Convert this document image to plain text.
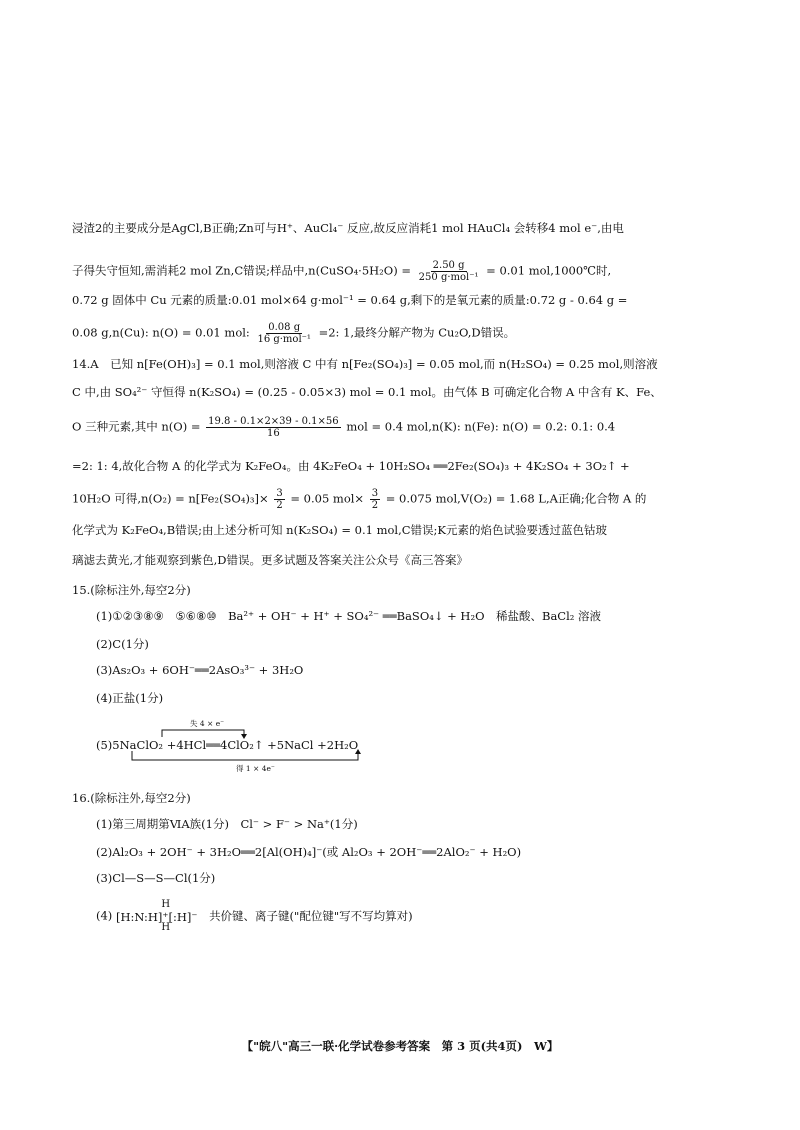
浸渣2的主要成分是AgCl,B正确;Zn可与H⁺、AuCl₄⁻ 反应,故反应消耗1 mol HAuCl₄ 会转移4 mol e⁻,由电
子得失守恒知,需消耗2 mol Zn,C错误;样品中,n(CuSO₄·5H₂O) = $\frac{2.50 g}{\text{250 g·mol⁻¹}} = 0.01$ mol,1000℃时,
0.72 g 固体中 Cu 元素的质量:0.01 mol×64 g·mol⁻¹ = 0.64 g,剩下的是氧元素的质量:0.72 g - 0.64 g =
0.08 g,n(Cu): n(O) = 0.01 mol: $\frac{0.08 g}{\text{16 g·mol⁻¹}} =2$: 1,最终分解产物为 Cu₂O,D错误。
14.A　已知 n[Fe(OH)₃] = 0.1 mol,则溶液 C 中有 n[Fe₂(SO₄)₃] = 0.05 mol,而 n(H₂SO₄) = 0.25 mol,则溶液
C 中,由 SO₄²⁻ 守恒得 n(K₂SO₄) = (0.25 - 0.05×3) mol = 0.1 mol。由气体 B 可确定化合物 A 中含有 K、Fe、
O 三种元素,其中 $n(O) = \frac{19.8 - 0.1\times 2\times 39 - 0.1\times 56}{16}$ mol = 0.4 mol,n(K): n(Fe): n(O) = 0.2: 0.1: 0.4
=2: 1: 4,故化合物 A 的化学式为 K₂FeO₄。由 4K₂FeO₄ + 10H₂SO₄ ══2Fe₂(SO₄)₃ + 4K₂SO₄ + 3O₂↑ +
10H₂O 可得$,n(O_2) = n[Fe_2(SO_4)_3]\times \frac{3}{2} = 0.05$ $mol\times \frac{3}{2} = 0.075$ mol,V(O₂) = 1.68 L,A正确;化合物 A 的
化学式为 K₂FeO₄,B错误;由上述分析可知 n(K₂SO₄) = 0.1 mol,C错误;K元素的焰色试验要透过蓝色钴玻
璃滤去黄光,才能观察到紫色,D错误。更多试题及答案关注公众号《高三答案》
15.(除标注外,每空2分)
(1)①②③⑧⑨　⑤⑥⑧⑩　Ba²⁺ + OH⁻ + H⁺ + SO₄²⁻ ══BaSO₄↓ + H₂O　稀盐酸、BaCl₂ 溶液
(2)C(1分)
(3)As₂O₃ + 6OH⁻══2AsO₃³⁻ + 3H₂O
(4)正盐(1分)
失 4 × e⁻
(5)5NaClO₂ +4HCl══4ClO₂↑ +5NaCl +2H₂O
得 1 × 4e⁻
16.(除标注外,每空2分)
(1)第三周期第ⅥA族(1分)　Cl⁻ > F⁻ > Na⁺(1分)
(2)Al₂O₃ + 2OH⁻ + 3H₂O══2[Al(OH)₄]⁻(或 Al₂O₃ + 2OH⁻══2AlO₂⁻ + H₂O)
(3)Cl—S—S—Cl(1分)
(4)
H
[H:N:H]⁺[:H]⁻
H
共价键、离子键("配位键"写不写均算对)
【"皖八"高三一联·化学试卷参考答案　第 3 页(共4页)　W】
